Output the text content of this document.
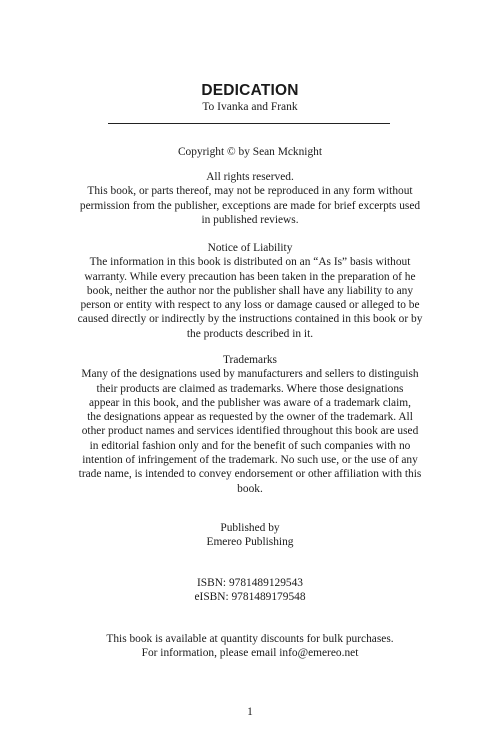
DEDICATION
To Ivanka and Frank

Copyright © by Sean Mcknight

All rights reserved.

This book, or parts thereof, may not be reproduced in any form without

permission from the publisher, exceptions are made for brief excerpts used

in published reviews.

Notice of Liability

The information in this book is distributed on an “As Is” basis without

warranty. While every precaution has been taken in the preparation of he

book, neither the author nor the publisher shall have any liability to any

person or entity with respect to any loss or damage caused or alleged to be

caused directly or indirectly by the instructions contained in this book or by

the products described in it.

Trademarks

Many of the designations used by manufacturers and sellers to distinguish

their products are claimed as trademarks. Where those designations

appear in this book, and the publisher was aware of a trademark claim,

the designations appear as requested by the owner of the trademark. All

other product names and services identified throughout this book are used

in editorial fashion only and for the benefit of such companies with no

intention of infringement of the trademark. No such use, or the use of any

trade name, is intended to convey endorsement or other affiliation with this

book.

Published by

Emereo Publishing

ISBN: 9781489129543

eISBN: 9781489179548

This book is available at quantity discounts for bulk purchases.

For information, please email info@emereo.net

1
